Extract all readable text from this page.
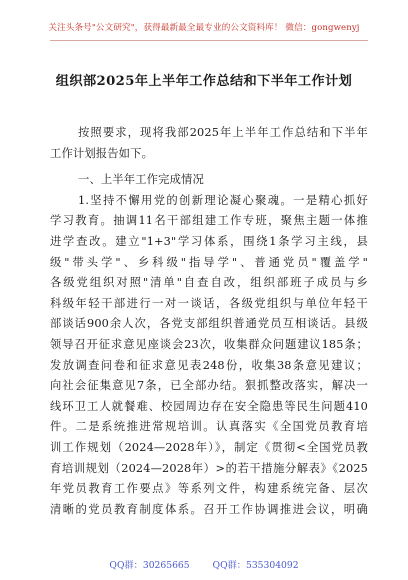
关注头条号"公文研究"，获得最新最全最专业的公文资料库！ 微信：gongwenyj
组织部2025年上半年工作总结和下半年工作计划
按照要求，现将我部2025年上半年工作总结和下半年
工作计划报告如下。
一、上半年工作完成情况
1.坚持不懈用党的创新理论凝心聚魂。一是精心抓好
学习教育。抽调11名干部组建工作专班，聚焦主题一体推
进学查改。建立"1+3"学习体系，围绕1条学习主线，县
级"带头学"、乡科级"指导学"、普通党员"覆盖学"
各级党组织对照"清单"自查自改，组织部班子成员与乡
科级年轻干部进行一对一谈话，各级党组织与单位年轻干
部谈话900余人次，各党支部组织普通党员互相谈话。县级
领导召开征求意见座谈会23次，收集群众问题建议185条；
发放调查问卷和征求意见表248份，收集38条意见建议；
向社会征集意见7条，已全部办结。狠抓整改落实，解决一
线环卫工人就餐难、校园周边存在安全隐患等民生问题410
件。二是系统推进常规培训。认真落实《全国党员教育培
训工作规划（2024—2028年）》，制定《贯彻<全国党员教
育培训规划（2024—2028年）>的若干措施分解表》《2025
年党员教育工作要点》等系列文件，构建系统完备、层次
清晰的党员教育制度体系。召开工作协调推进会议，明确
QQ群：30265665 QQ群：535304092
